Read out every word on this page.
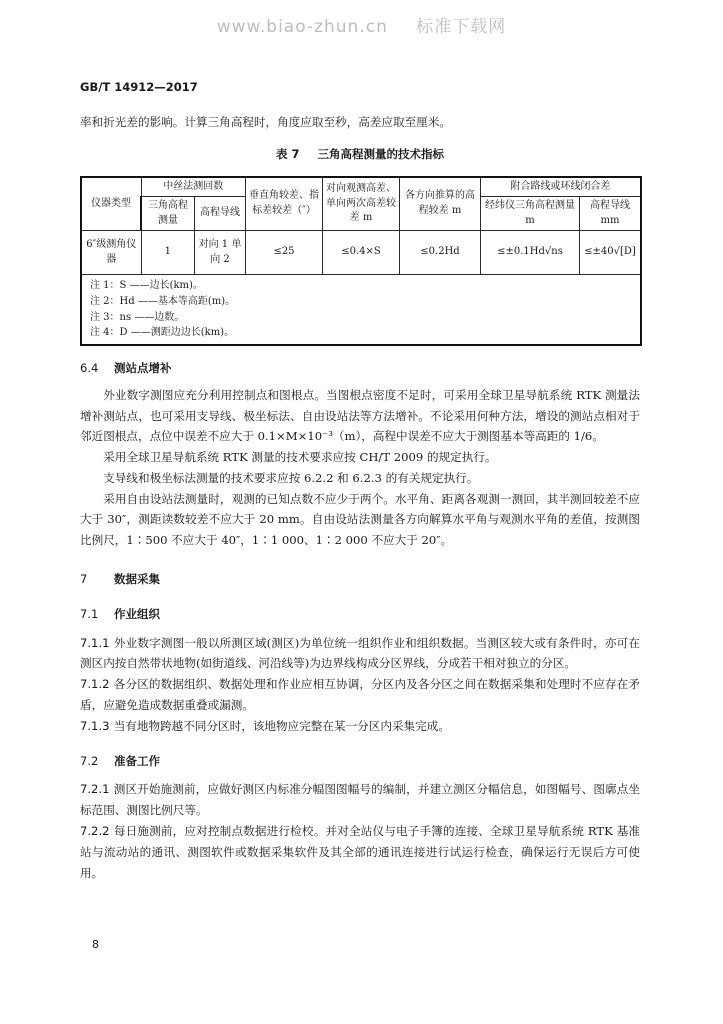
www.biao-zhun.cn 标准下载网
GB/T 14912—2017

率和折光差的影响。计算三角高程时，角度应取至秒，高差应取至厘米。

表 7 三角高程测量的技术指标
仪器类型	中丝法测回数		垂直角较差、指标差较差（″）	对向观测高差、单向两次高差较差 m	各方向推算的高程较差 m	附合路线或环线闭合差	
	三角高程测量	高程导线				经纬仪三角高程测量 m	高程导线 mm
6″级测角仪器	1	对向 1 单向 2	≤25	≤0.4×S	≤0.2Hd	≤±0.1Hd√ns	≤±40√[D]

注 1：S ——边长(km)。
注 2：Hd ——基本等高距(m)。
注 3：ns ——边数。
注 4：D ——测距边边长(km)。							

6.4 测站点增补

外业数字测图应充分利用控制点和图根点。当图根点密度不足时，可采用全球卫星导航系统 RTK 测量法增补测站点，也可采用支导线、极坐标法、自由设站法等方法增补。不论采用何种方法，增设的测站点相对于邻近图根点，点位中误差不应大于 0.1×M×10⁻³（m），高程中误差不应大于测图基本等高距的 1/6。

采用全球卫星导航系统 RTK 测量的技术要求应按 CH/T 2009 的规定执行。

支导线和极坐标法测量的技术要求应按 6.2.2 和 6.2.3 的有关规定执行。

采用自由设站法测量时，观测的已知点数不应少于两个。水平角、距离各观测一测回，其半测回较差不应大于 30″，测距读数较差不应大于 20 mm。自由设站法测量各方向解算水平角与观测水平角的差值，按测图比例尺，1∶500 不应大于 40″，1∶1 000、1∶2 000 不应大于 20″。

7 数据采集

7.1 作业组织

7.1.1 外业数字测图一般以所测区域(测区)为单位统一组织作业和组织数据。当测区较大或有条件时，亦可在测区内按自然带状地物(如街道线、河沿线等)为边界线构成分区界线，分成若干相对独立的分区。

7.1.2 各分区的数据组织、数据处理和作业应相互协调，分区内及各分区之间在数据采集和处理时不应存在矛盾，应避免造成数据重叠或漏测。

7.1.3 当有地物跨越不同分区时，该地物应完整在某一分区内采集完成。

7.2 准备工作

7.2.1 测区开始施测前，应做好测区内标准分幅图图幅号的编制，并建立测区分幅信息，如图幅号、图廓点坐标范围、测图比例尺等。

7.2.2 每日施测前，应对控制点数据进行检校。并对全站仪与电子手簿的连接、全球卫星导航系统 RTK 基准站与流动站的通讯、测图软件或数据采集软件及其全部的通讯连接进行试运行检查，确保运行无误后方可使用。

8
